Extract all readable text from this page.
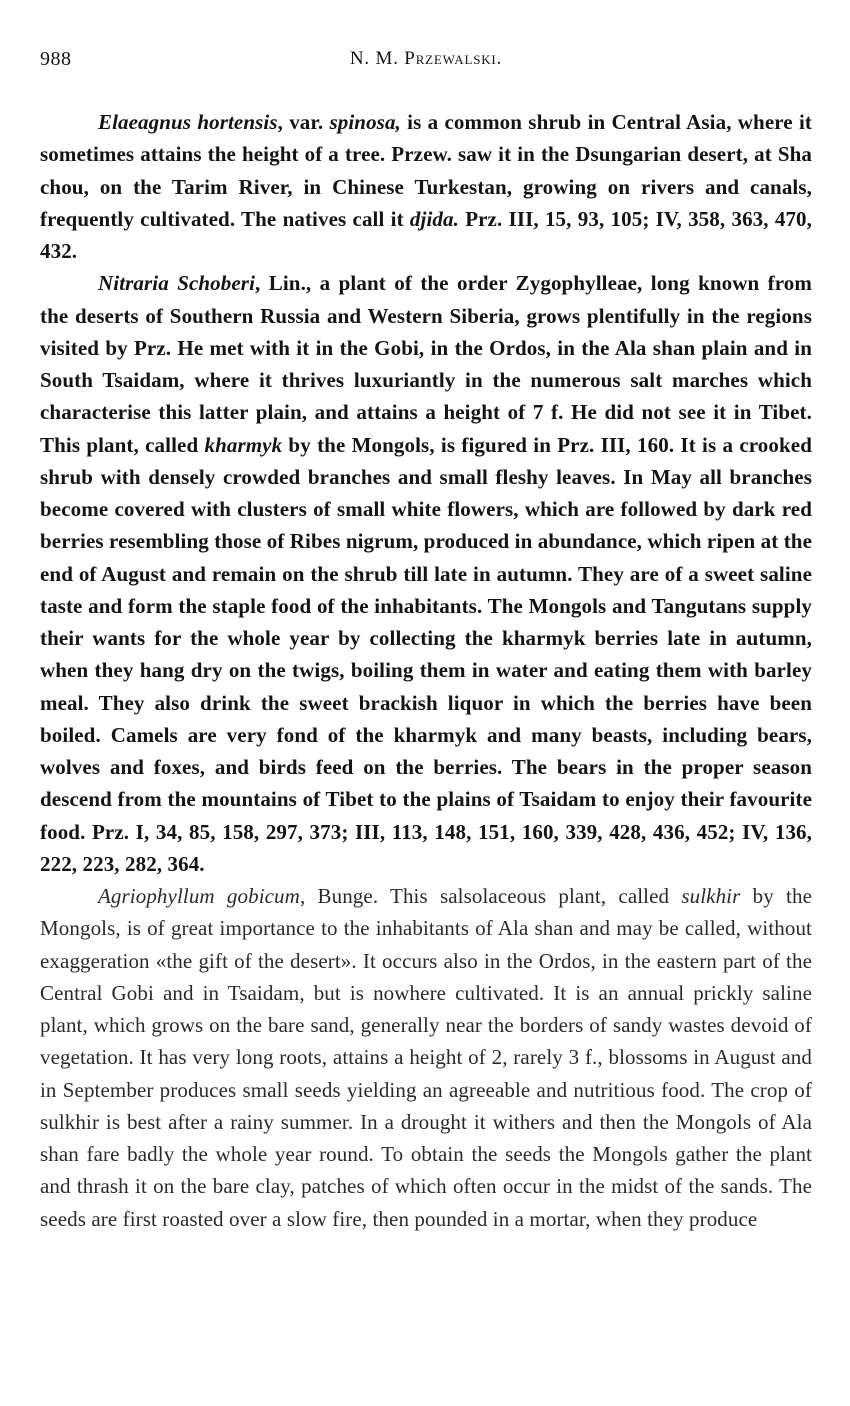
988	N. M. Przewalski.

Elaeagnus hortensis, var. spinosa, is a common shrub in Central Asia, where it sometimes attains the height of a tree. Przew. saw it in the Dsungarian desert, at Sha chou, on the Tarim River, in Chinese Turkestan, growing on rivers and canals, frequently cultivated. The natives call it djida. Prz. III, 15, 93, 105; IV, 358, 363, 470, 432.

Nitraria Schoberi, Lin., a plant of the order Zygophylleae, long known from the deserts of Southern Russia and Western Siberia, grows plentifully in the regions visited by Prz. He met with it in the Gobi, in the Ordos, in the Ala shan plain and in South Tsaidam, where it thrives luxuriantly in the numerous salt marches which characterise this latter plain, and attains a height of 7 f. He did not see it in Tibet. This plant, called kharmyk by the Mongols, is figured in Prz. III, 160. It is a crooked shrub with densely crowded branches and small fleshy leaves. In May all branches become covered with clusters of small white flowers, which are followed by dark red berries resembling those of Ribes nigrum, produced in abundance, which ripen at the end of August and remain on the shrub till late in autumn. They are of a sweet saline taste and form the staple food of the inhabitants. The Mongols and Tangutans supply their wants for the whole year by collecting the kharmyk berries late in autumn, when they hang dry on the twigs, boiling them in water and eating them with barley meal. They also drink the sweet brackish liquor in which the berries have been boiled. Camels are very fond of the kharmyk and many beasts, including bears, wolves and foxes, and birds feed on the berries. The bears in the proper season descend from the mountains of Tibet to the plains of Tsaidam to enjoy their favourite food. Prz. I, 34, 85, 158, 297, 373; III, 113, 148, 151, 160, 339, 428, 436, 452; IV, 136, 222, 223, 282, 364.

Agriophyllum gobicum, Bunge. This salsolaceous plant, called sulkhir by the Mongols, is of great importance to the inhabitants of Ala shan and may be called, without exaggeration «the gift of the desert». It occurs also in the Ordos, in the eastern part of the Central Gobi and in Tsaidam, but is nowhere cultivated. It is an annual prickly saline plant, which grows on the bare sand, generally near the borders of sandy wastes devoid of vegetation. It has very long roots, attains a height of 2, rarely 3 f., blossoms in August and in September produces small seeds yielding an agreeable and nutritious food. The crop of sulkhir is best after a rainy summer. In a drought it withers and then the Mongols of Ala shan fare badly the whole year round. To obtain the seeds the Mongols gather the plant and thrash it on the bare clay, patches of which often occur in the midst of the sands. The seeds are first roasted over a slow fire, then pounded in a mortar, when they produce
